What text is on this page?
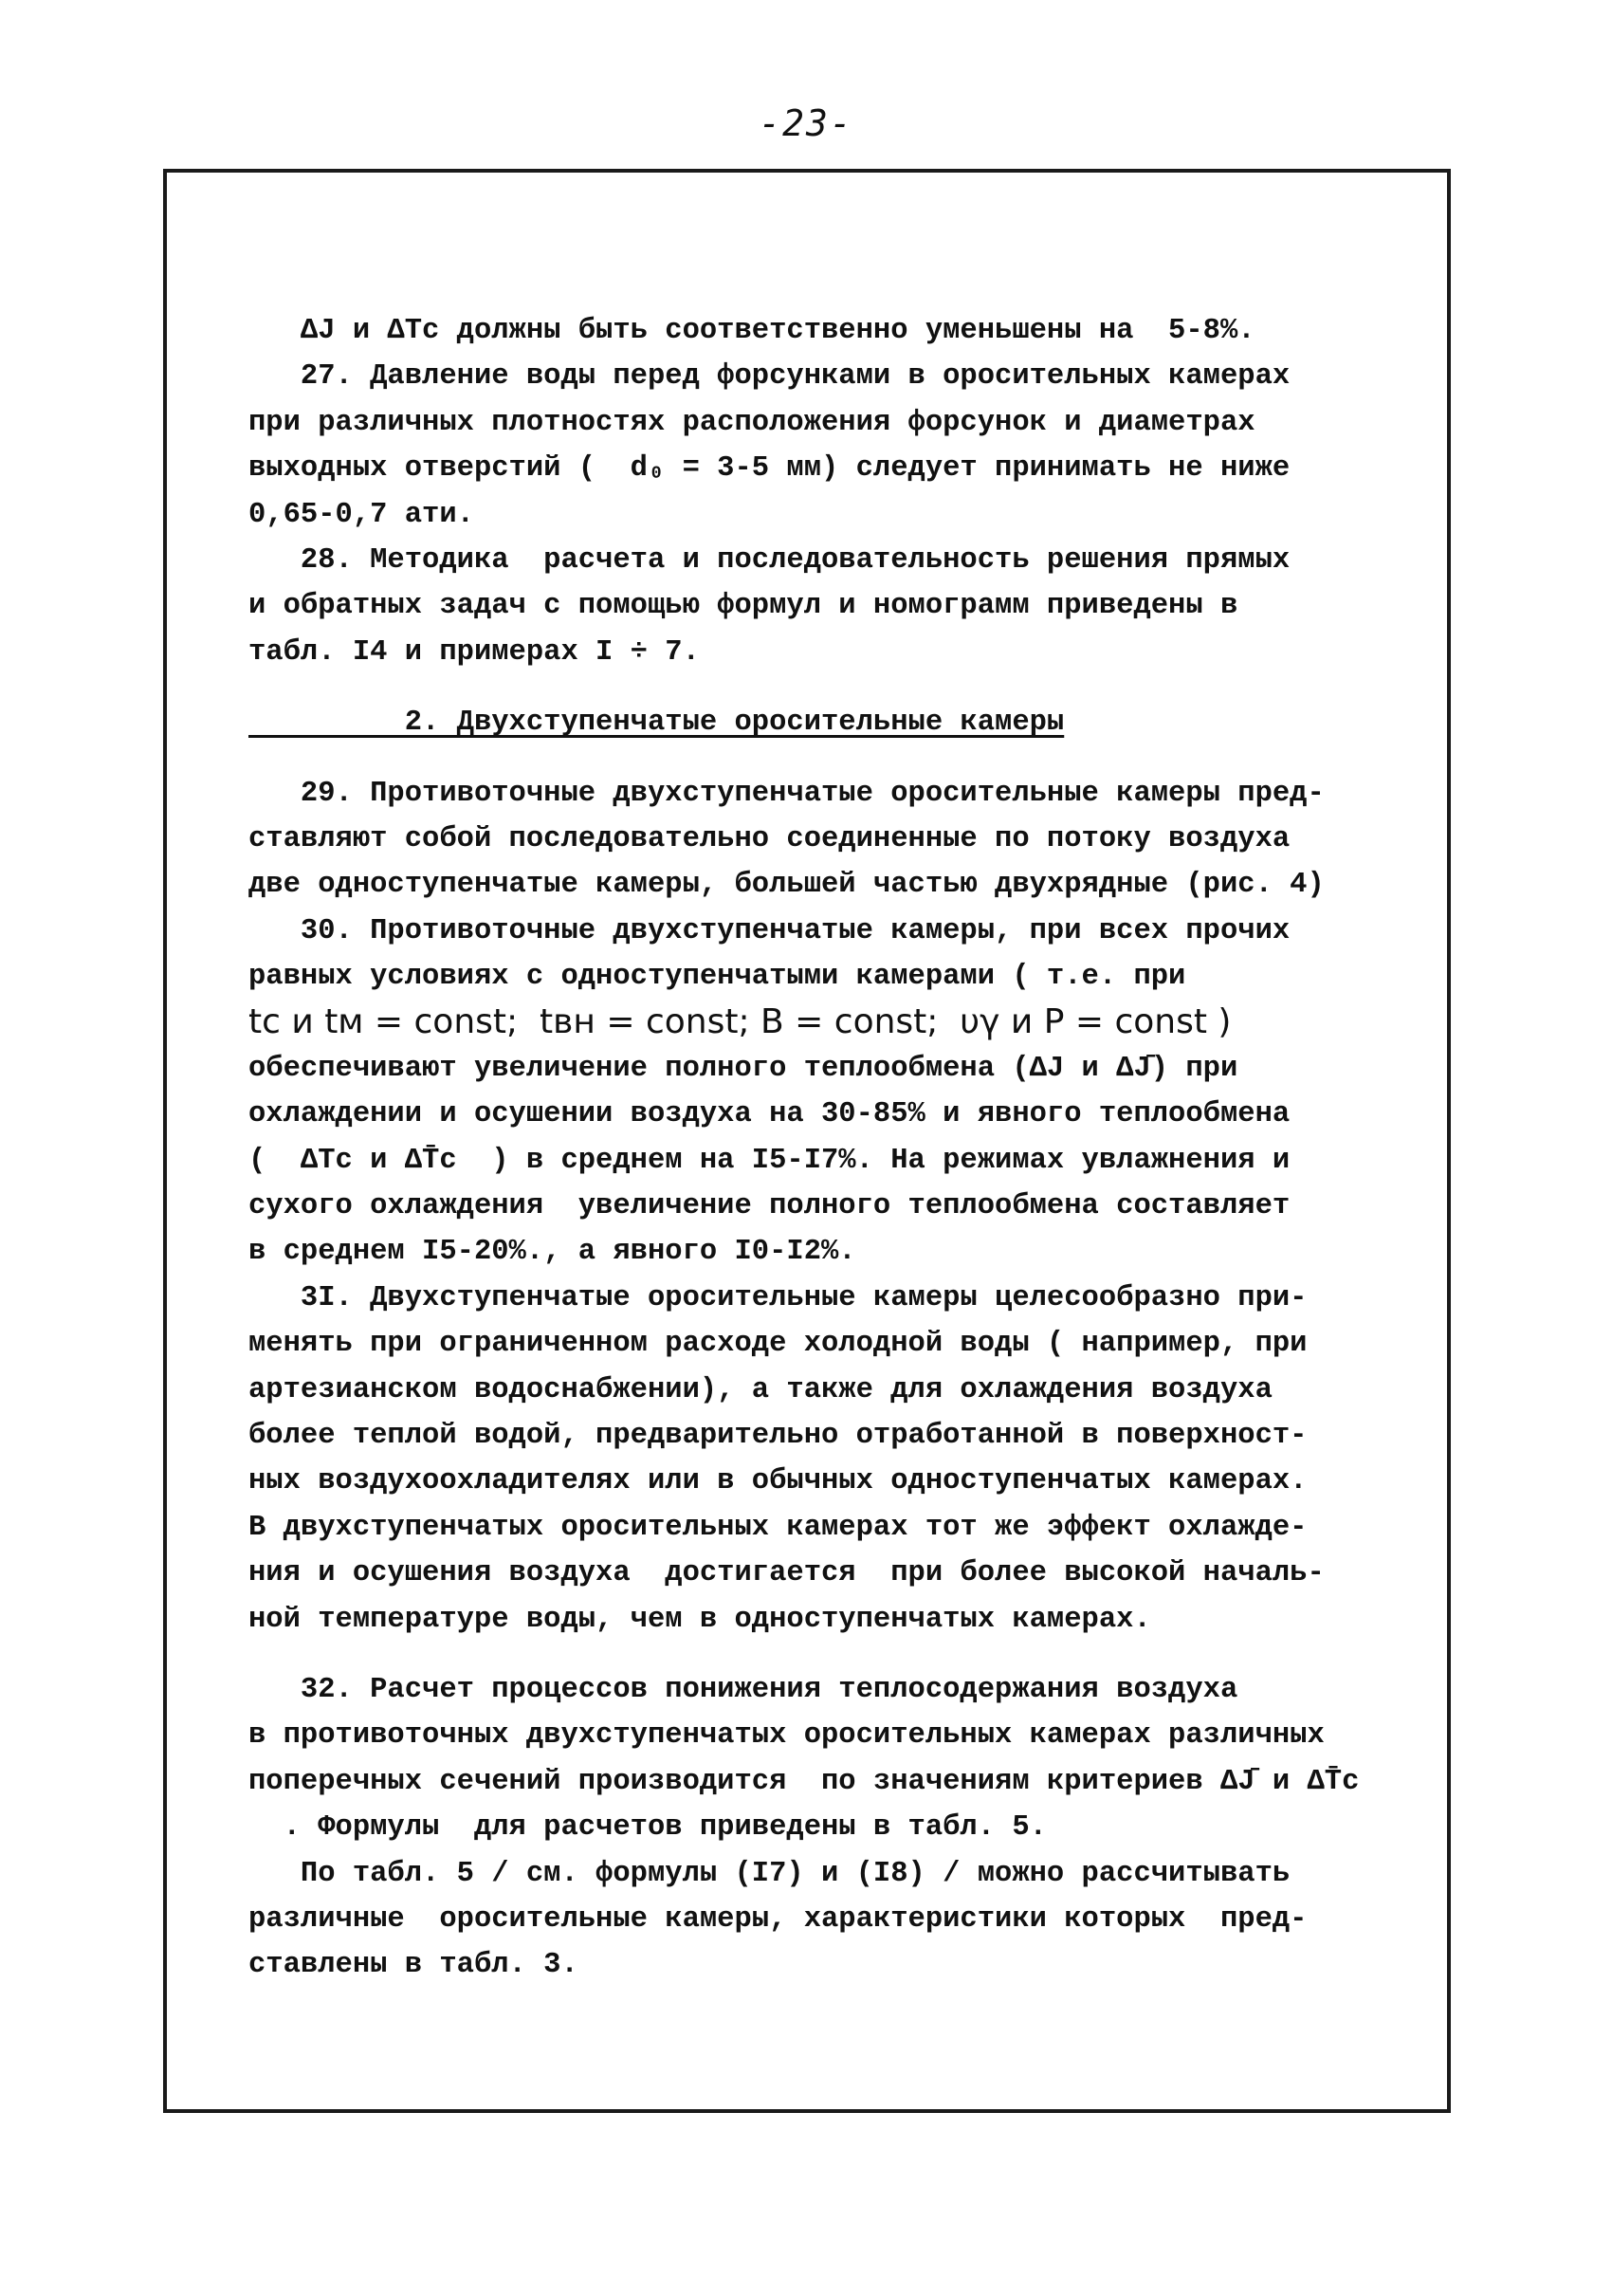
-23-
ΔЈ и ΔTc должны быть соответственно уменьшены на  5-8%.
27. Давление воды перед форсунками в оросительных камерах
при различных плотностях расположения форсунок и диаметрах
выходных отверстий (  d₀ = 3-5 мм) следует принимать не ниже
0,65-0,7 ати.
28. Методика  расчета и последовательность решения прямых
и обратных задач с помощью формул и номограмм приведены в
табл. I4 и примерах I ÷ 7.
2. Двухступенчатые оросительные камеры
29. Противоточные двухступенчатые оросительные камеры пред-
ставляют собой последовательно соединенные по потоку воздуха
две одноступенчатые камеры, большей частью двухрядные (рис. 4)
30. Противоточные двухступенчатые камеры, при всех прочих
равных условиях с одноступенчатыми камерами ( т.е. при
tс и tм = const;  tвн = const; B = const;  υγ и P = const )
обеспечивают увеличение полного теплообмена (ΔЈ и ΔЈ̄) при
охлаждении и осушении воздуха на 30-85% и явного теплообмена
(  ΔTc и ΔT̄c  ) в среднем на I5-I7%. На режимах увлажнения и
сухого охлаждения  увеличение полного теплообмена составляет
в среднем I5-20%., а явного I0-I2%.
3I. Двухступенчатые оросительные камеры целесообразно при-
менять при ограниченном расходе холодной воды ( например, при
артезианском водоснабжении), а также для охлаждения воздуха
более теплой водой, предварительно отработанной в поверхност-
ных воздухоохладителях или в обычных одноступенчатых камерах.
В двухступенчатых оросительных камерах тот же эффект охлажде-
ния и осушения воздуха  достигается  при более высокой началь-
ной температуре воды, чем в одноступенчатых камерах.
32. Расчет процессов понижения теплосодержания воздуха
в противоточных двухступенчатых оросительных камерах различных
поперечных сечений производится  по значениям критериев ΔЈ̄ и ΔT̄c
. Формулы  для расчетов приведены в табл. 5.
По табл. 5 / см. формулы (I7) и (I8) / можно рассчитывать
различные  оросительные камеры, характеристики которых  пред-
ставлены в табл. 3.
